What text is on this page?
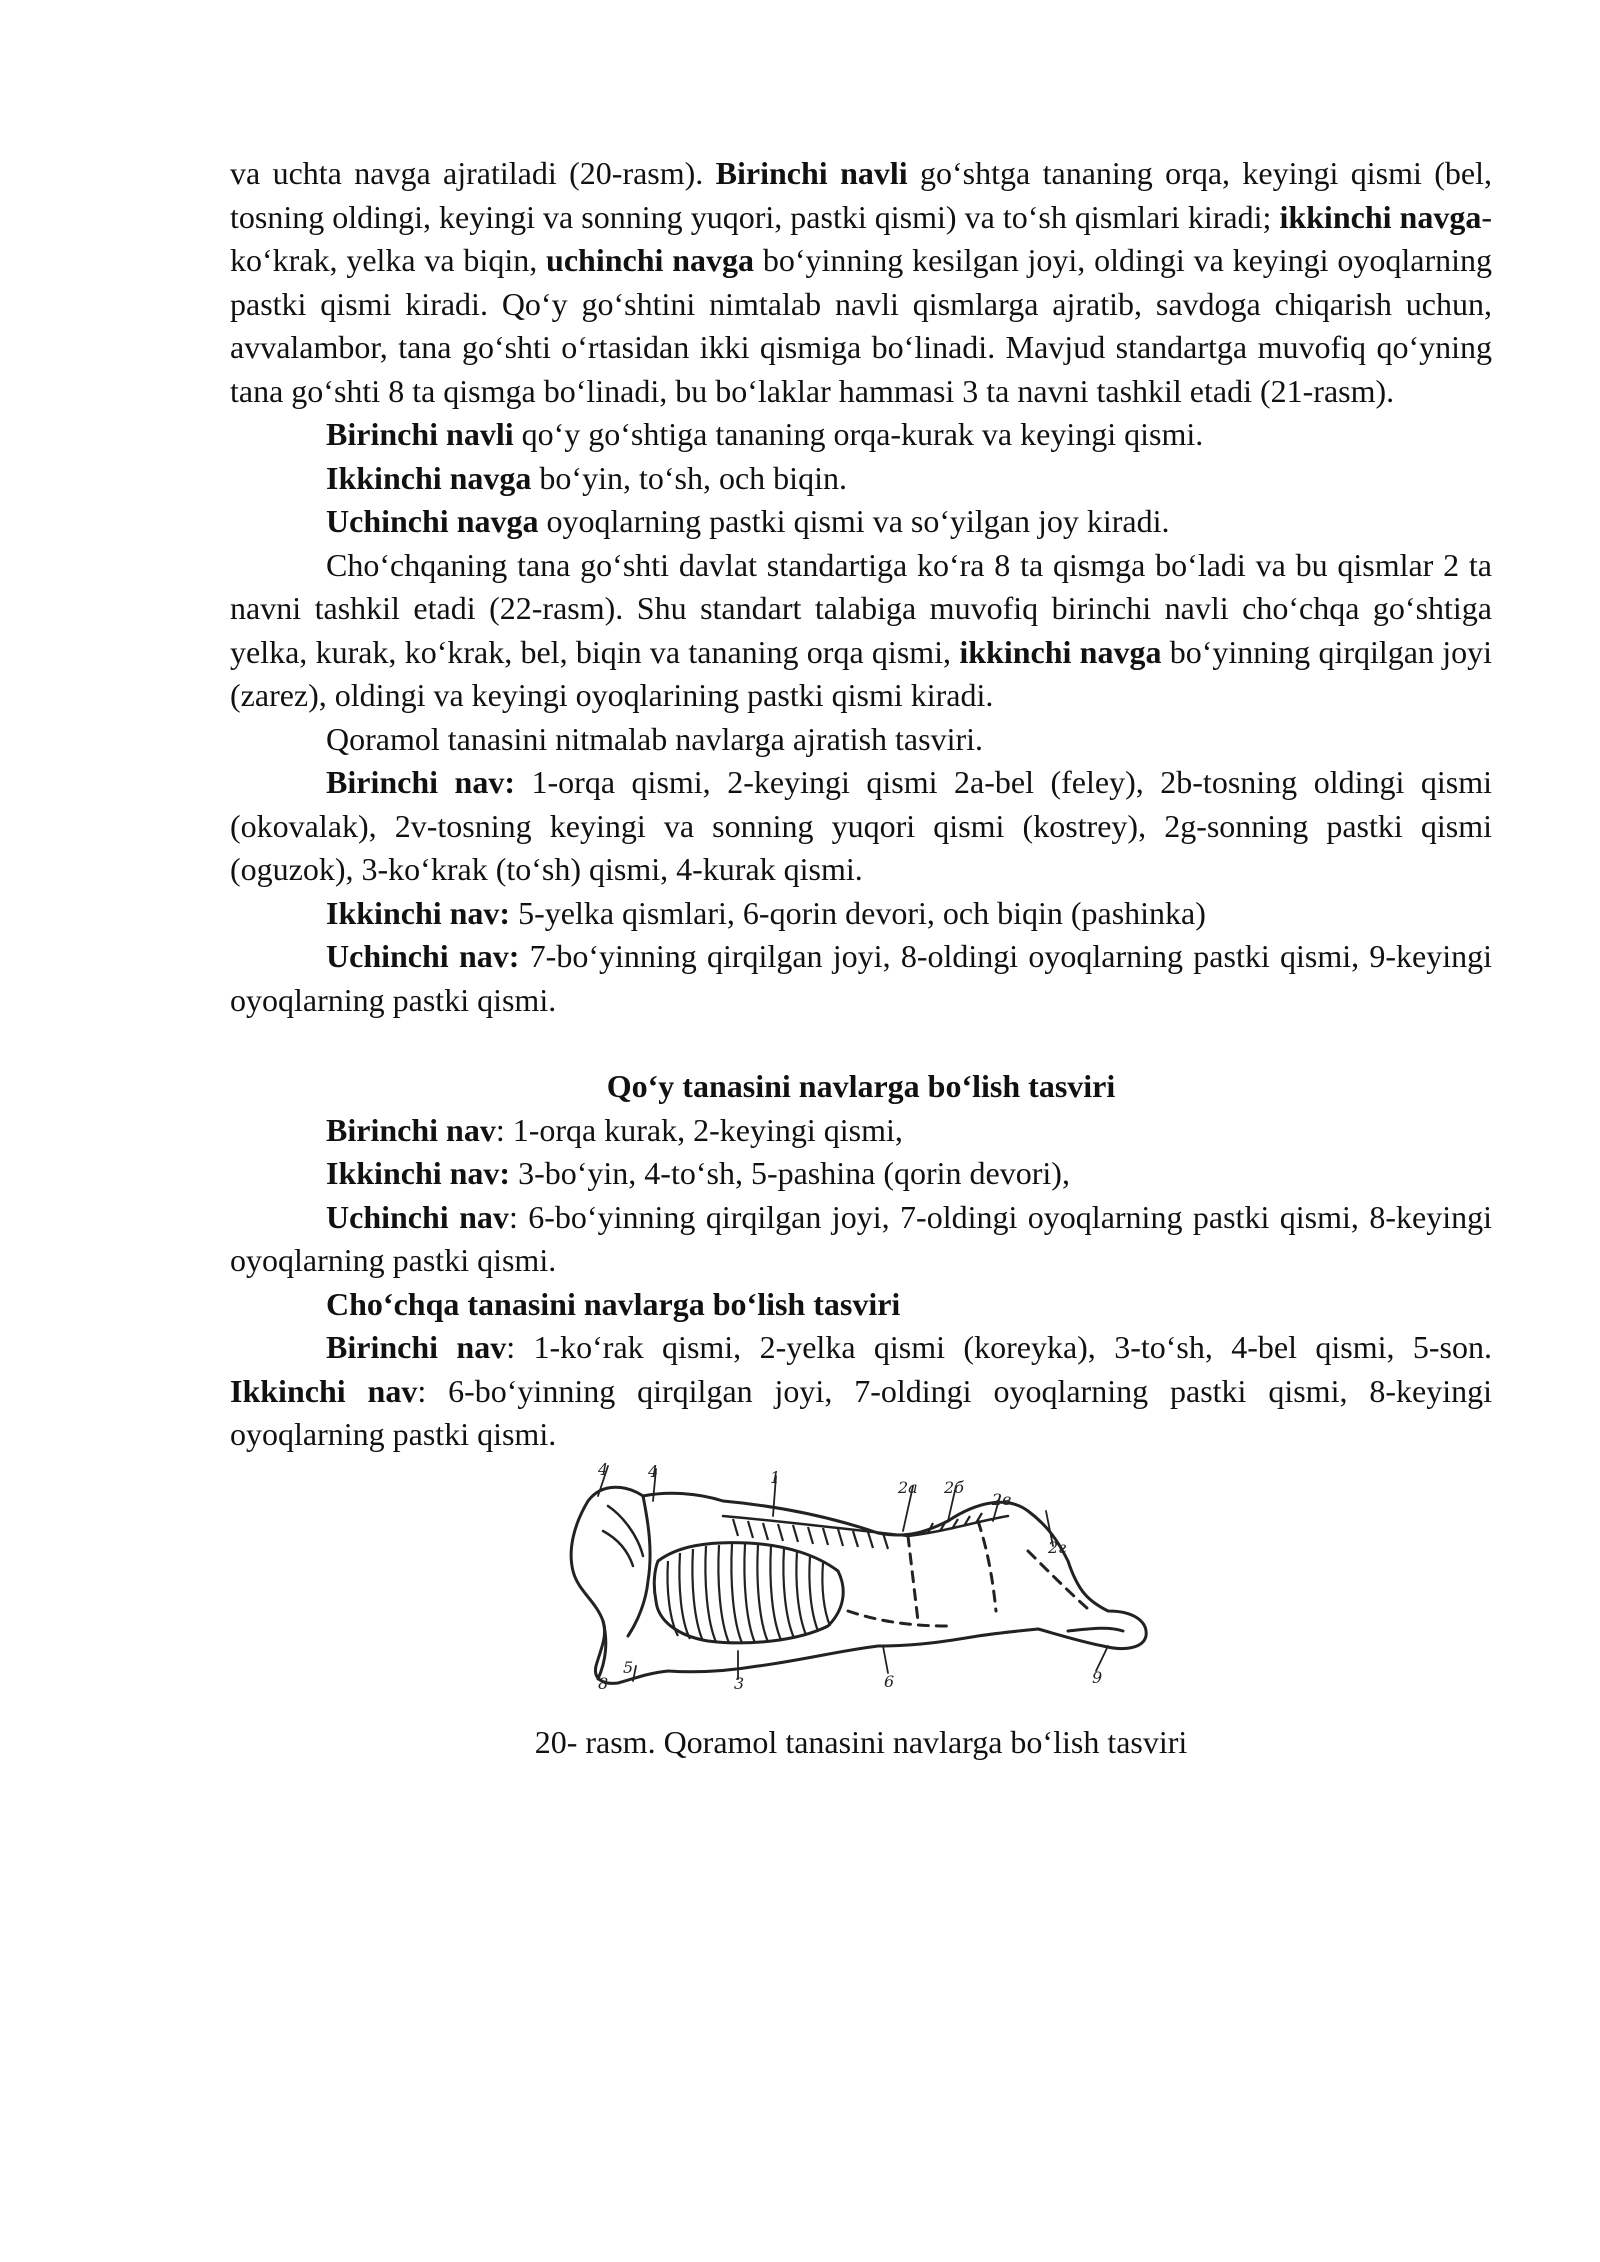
va uchta navga ajratiladi (20-rasm). Birinchi navli go‘shtga tananing orqa, keyingi qismi (bel, tosning oldingi, keyingi va sonning yuqori, pastki qismi) va to‘sh qismlari kiradi; ikkinchi navga-ko‘krak, yelka va biqin, uchinchi navga bo‘yinning kesilgan joyi, oldingi va keyingi oyoqlarning pastki qismi kiradi. Qo‘y go‘shtini nimtalab navli qismlarga ajratib, savdoga chiqarish uchun, avvalambor, tana go‘shti o‘rtasidan ikki qismiga bo‘linadi. Mavjud standartga muvofiq qo‘yning tana go‘shti 8 ta qismga bo‘linadi, bu bo‘laklar hammasi 3 ta navni tashkil etadi (21-rasm).

Birinchi navli qo‘y go‘shtiga tananing orqa-kurak va keyingi qismi.

Ikkinchi navga bo‘yin, to‘sh, och biqin.

Uchinchi navga oyoqlarning pastki qismi va so‘yilgan joy kiradi.

Cho‘chqaning tana go‘shti davlat standartiga ko‘ra 8 ta qismga bo‘ladi va bu qismlar 2 ta navni tashkil etadi (22-rasm). Shu standart talabiga muvofiq birinchi navli cho‘chqa go‘shtiga yelka, kurak, ko‘krak, bel, biqin va tananing orqa qismi, ikkinchi navga bo‘yinning qirqilgan joyi (zarez), oldingi va keyingi oyoqlarining pastki qismi kiradi.

Qoramol tanasini nitmalab navlarga ajratish tasviri.

Birinchi nav: 1-orqa qismi, 2-keyingi qismi 2a-bel (feley), 2b-tosning oldingi qismi (okovalak), 2v-tosning keyingi va sonning yuqori qismi (kostrey), 2g-sonning pastki qismi (oguzok), 3-ko‘krak (to‘sh) qismi, 4-kurak qismi.

Ikkinchi nav: 5-yelka qismlari, 6-qorin devori, och biqin (pashinka)

Uchinchi nav: 7-bo‘yinning qirqilgan joyi, 8-oldingi oyoqlarning pastki qismi, 9-keyingi oyoqlarning pastki qismi.

Qo‘y tanasini navlarga bo‘lish tasviri

Birinchi nav: 1-orqa kurak, 2-keyingi qismi,

Ikkinchi nav: 3-bo‘yin, 4-to‘sh, 5-pashina (qorin devori),

Uchinchi nav: 6-bo‘yinning qirqilgan joyi, 7-oldingi oyoqlarning pastki qismi, 8-keyingi oyoqlarning pastki qismi.

Cho‘chqa tanasini navlarga bo‘lish tasviri

Birinchi nav: 1-ko‘rak qismi, 2-yelka qismi (koreyka), 3-to‘sh, 4-bel qismi, 5-son. Ikkinchi nav: 6-bo‘yinning qirqilgan joyi, 7-oldingi oyoqlarning pastki qismi, 8-keyingi oyoqlarning pastki qismi.

4 4	1
2a 2б
2в
2г
5
8	3	6	9

20- rasm. Qoramol tanasini navlarga bo‘lish tasviri
